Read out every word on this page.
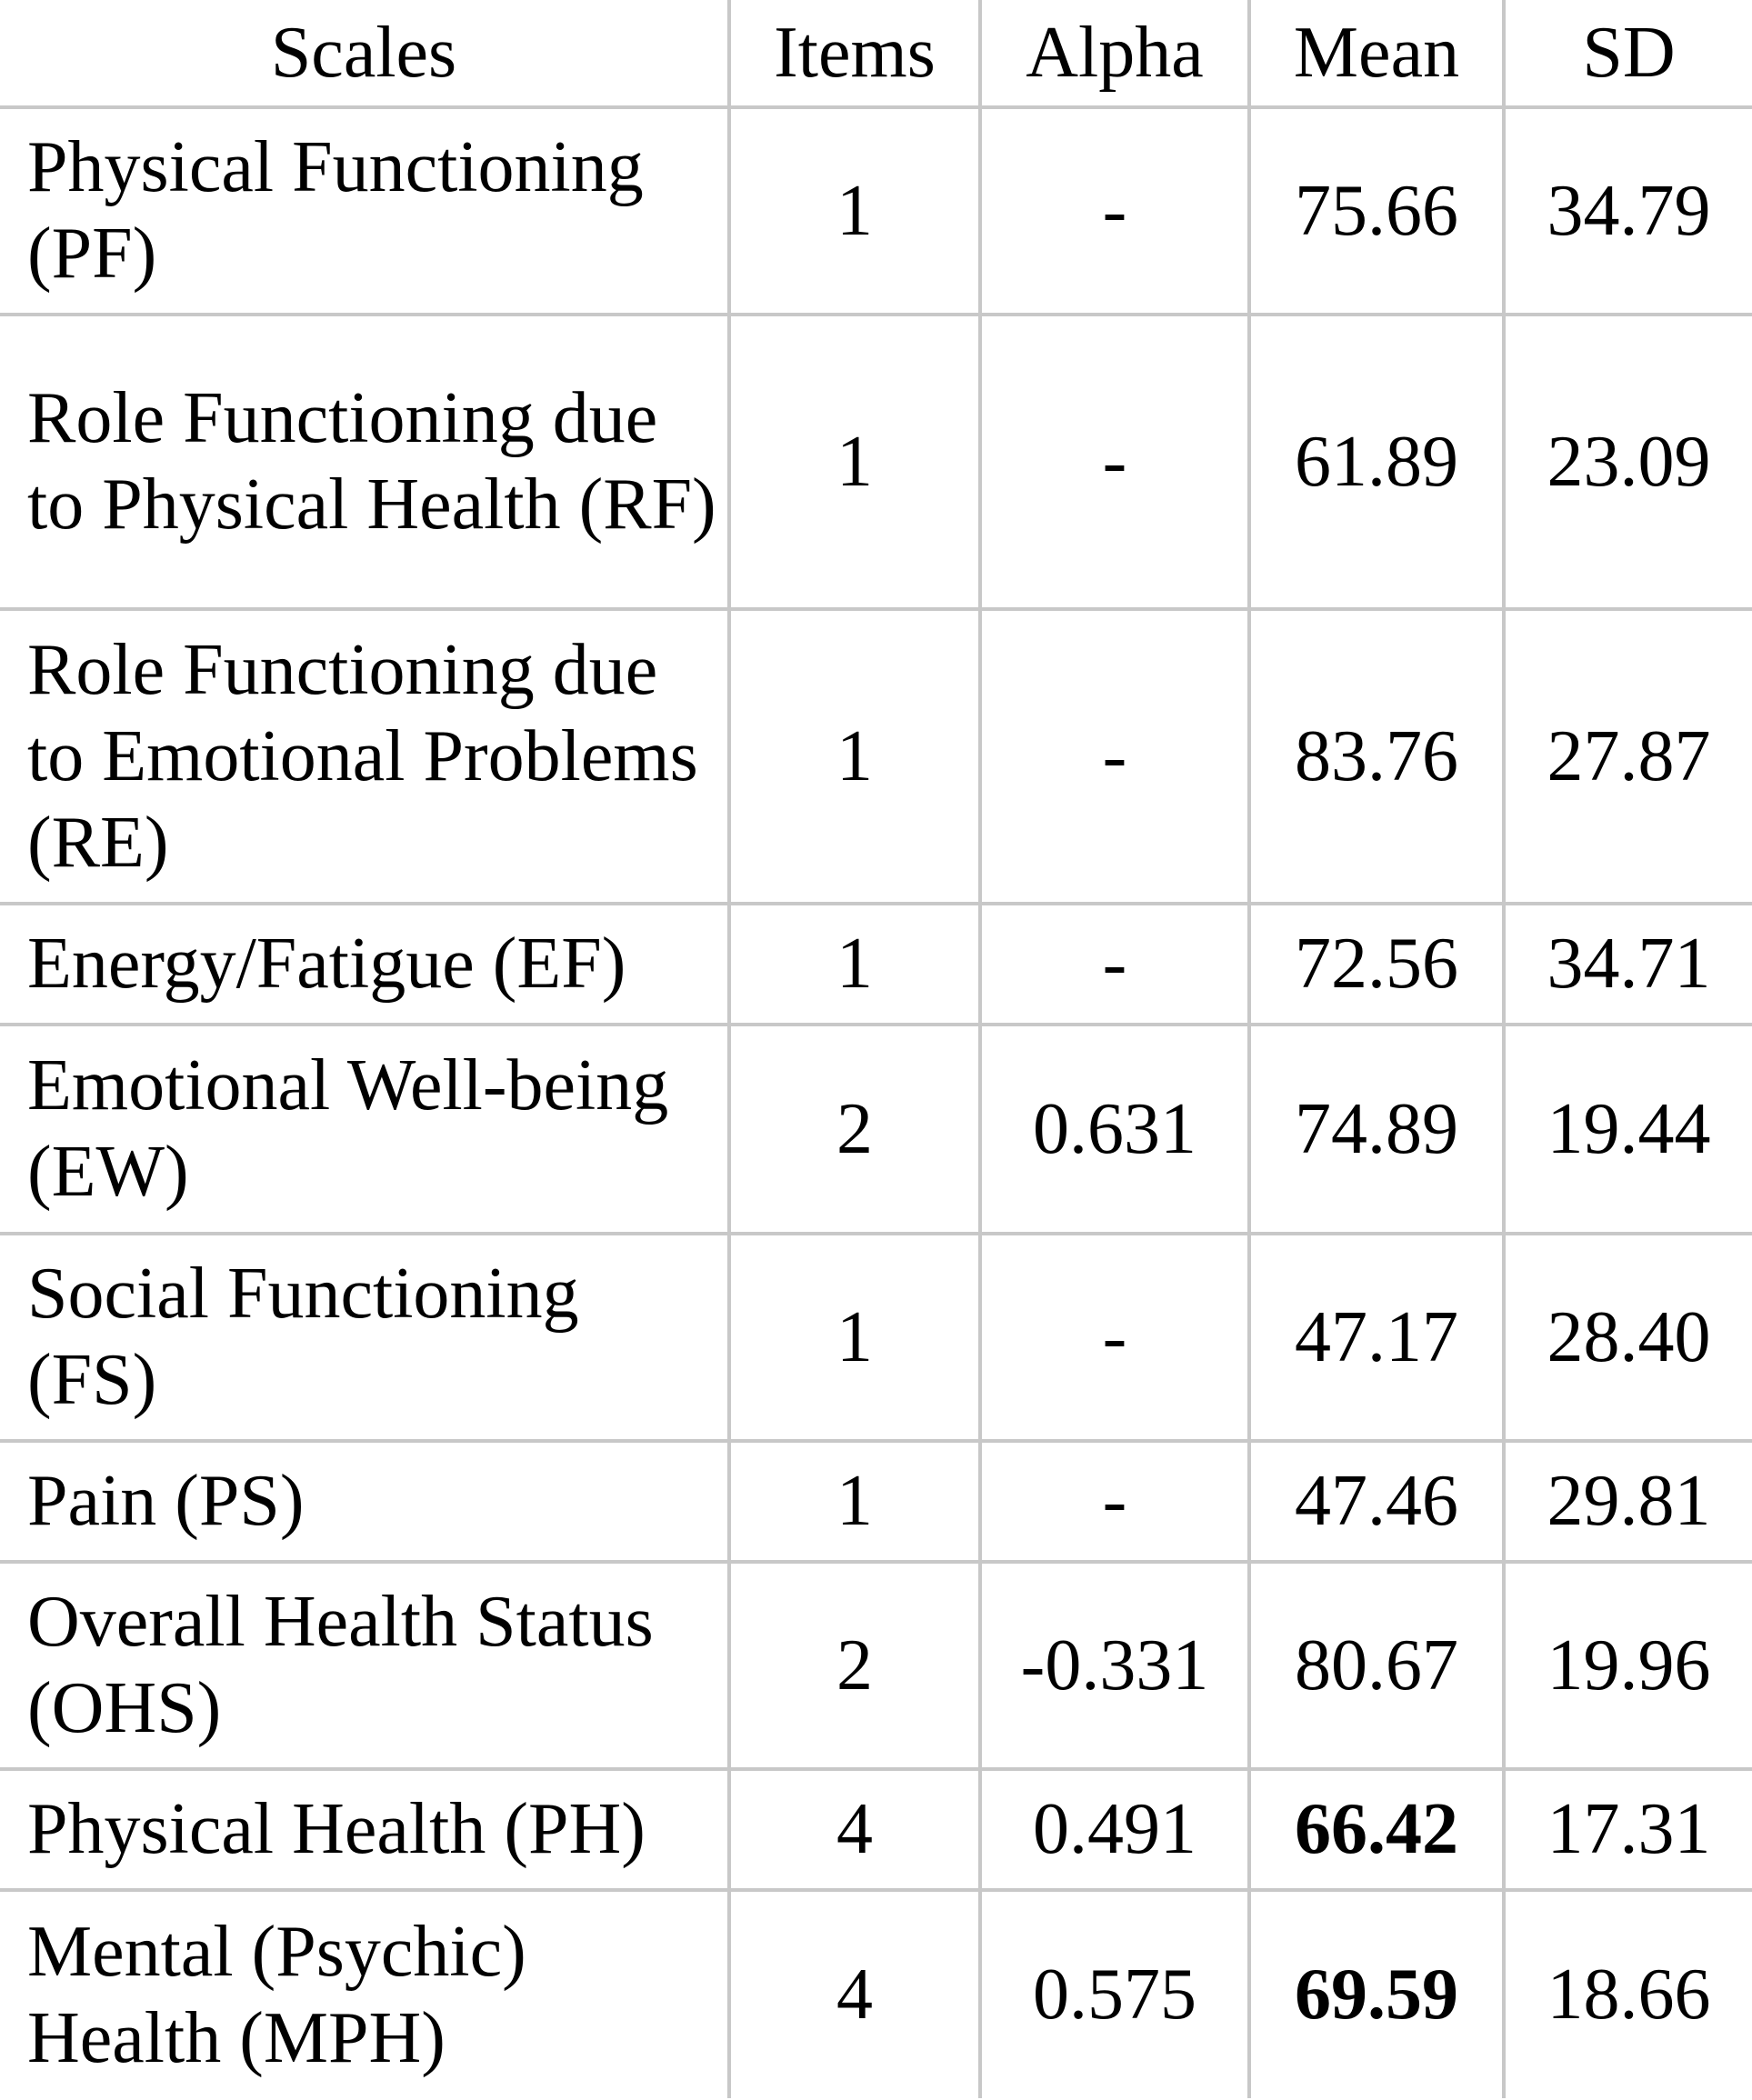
Scales	Items	Alpha	Mean	SD
Physical Functioning (PF)	1	-	75.66	34.79
Role Functioning due to Physical Health (RF)	1	-	61.89	23.09
Role Functioning due to Emotional Problems (RE)	1	-	83.76	27.87
Energy/Fatigue (EF)	1	-	72.56	34.71
Emotional Well-being (EW)	2	0.631	74.89	19.44
Social Functioning (FS)	1	-	47.17	28.40
Pain (PS)	1	-	47.46	29.81
Overall Health Status (OHS)	2	-0.331	80.67	19.96
Physical Health (PH)	4	0.491	66.42	17.31
Mental (Psychic) Health (MPH)	4	0.575	69.59	18.66
